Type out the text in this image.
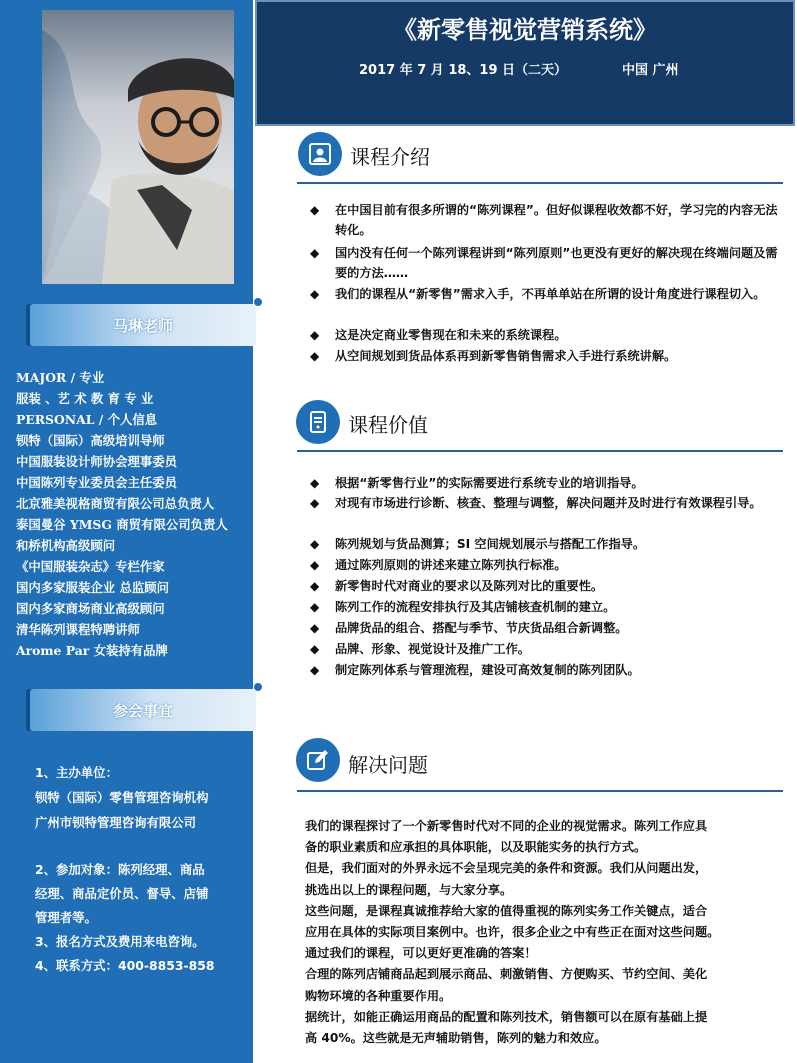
马琳老师
MAJOR / 专业
服装 、艺 术 教 育 专 业
PERSONAL / 个人信息
钡特（国际）高级培训导师
中国服装设计师协会理事委员
中国陈列专业委员会主任委员
北京雅美视格商贸有限公司总负责人
泰国曼谷 YMSG 商贸有限公司负责人
和桥机构高级顾问
《中国服装杂志》专栏作家
国内多家服装企业 总监顾问
国内多家商场商业高级顾问
清华陈列课程特聘讲师
Arome Par 女装持有品牌
参会事宜
1、主办单位：
钡特（国际）零售管理咨询机构
广州市钡特管理咨询有限公司
2、参加对象：陈列经理、商品
经理、商品定价员、督导、店铺
管理者等。
3、报名方式及费用来电咨询。
4、联系方式：400-8853-858
《新零售视觉营销系统》
2017 年 7 月 18、19 日（二天）	中国 广州
课程介绍
◆ 在中国目前有很多所谓的“陈列课程”。但好似课程收效都不好，学习完的内容无法转化。
◆ 国内没有任何一个陈列课程讲到“陈列原则”也更没有更好的解决现在终端问题及需要的方法……
◆ 我们的课程从“新零售”需求入手，不再单单站在所谓的设计角度进行课程切入。
◆ 这是决定商业零售现在和未来的系统课程。
◆ 从空间规划到货品体系再到新零售销售需求入手进行系统讲解。
课程价值
◆ 根据“新零售行业”的实际需要进行系统专业的培训指导。
◆ 对现有市场进行诊断、核查、整理与调整，解决问题并及时进行有效课程引导。
◆ 陈列规划与货品测算；SI 空间规划展示与搭配工作指导。
◆ 通过陈列原则的讲述来建立陈列执行标准。
◆ 新零售时代对商业的要求以及陈列对比的重要性。
◆ 陈列工作的流程安排执行及其店铺核查机制的建立。
◆ 品牌货品的组合、搭配与季节、节庆货品组合新调整。
◆ 品牌、形象、视觉设计及推广工作。
◆ 制定陈列体系与管理流程，建设可高效复制的陈列团队。
解决问题
我们的课程探讨了一个新零售时代对不同的企业的视觉需求。陈列工作应具
备的职业素质和应承担的具体职能，以及职能实务的执行方式。
但是，我们面对的外界永远不会呈现完美的条件和资源。我们从问题出发，
挑选出以上的课程问题，与大家分享。
这些问题，是课程真诚推荐给大家的值得重视的陈列实务工作关键点，适合
应用在具体的实际项目案例中。也许，很多企业之中有些正在面对这些问题。
通过我们的课程，可以更好更准确的答案！
合理的陈列店铺商品起到展示商品、刺激销售、方便购买、节约空间、美化
购物环境的各种重要作用。
据统计，如能正确运用商品的配置和陈列技术，销售额可以在原有基础上提
高 40%。这些就是无声辅助销售，陈列的魅力和效应。
